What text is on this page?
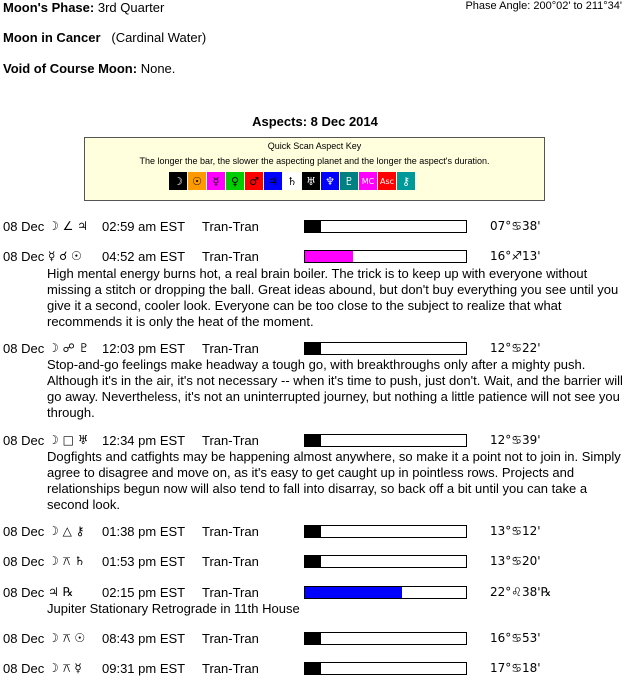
Moon's Phase: 3rd Quarter	Phase Angle: 200°02' to 211°34'
Moon in Cancer (Cardinal Water)
Void of Course Moon: None.
Aspects: 8 Dec 2014
Quick Scan Aspect Key
The longer the bar, the slower the aspecting planet and the longer the aspect's duration.
☽ ☉ ☿	♀ ♂ ♃ ♄ ♅ ♆ ♇ MC Asc ⚷
08 Dec ☽ ∠ ♃ 02:59 am EST Tran-Tran	07°♋38'
08 Dec ☿ ☌ ☉ 04:52 am EST Tran-Tran	16°♐13'
High mental energy burns hot, a real brain boiler. The trick is to keep up with everyone without missing a stitch or dropping the ball. Great ideas abound, but don't buy everything you see until you give it a second, cooler look. Everyone can be too close to the subject to realize that what recommends it is only the heat of the moment.
08 Dec ☽ ☍ ♇ 12:03 pm EST Tran-Tran	12°♋22'
Stop-and-go feelings make headway a tough go, with breakthroughs only after a mighty push. Although it's in the air, it's not necessary -- when it's time to push, just don't. Wait, and the barrier will go away. Nevertheless, it's not an uninterrupted journey, but nothing a little patience will not see you through.
08 Dec ☽ □ ♅ 12:34 pm EST Tran-Tran	12°♋39'
Dogfights and catfights may be happening almost anywhere, so make it a point not to join in. Simply agree to disagree and move on, as it's easy to get caught up in pointless rows. Projects and relationships begun now will also tend to fall into disarray, so back off a bit until you can take a second look.
08 Dec ☽ △ ⚷ 01:38 pm EST Tran-Tran	13°♋12'
08 Dec ☽ ⚻ ♄ 01:53 pm EST Tran-Tran	13°♋20'
08 Dec ♃ ℞ 02:15 pm EST Tran-Tran	22°♌38'℞
Jupiter Stationary Retrograde in 11th House
08 Dec ☽ ⚻ ☉ 08:43 pm EST Tran-Tran	16°♋53'
08 Dec ☽ ⚻ ☿ 09:31 pm EST Tran-Tran	17°♋18'
